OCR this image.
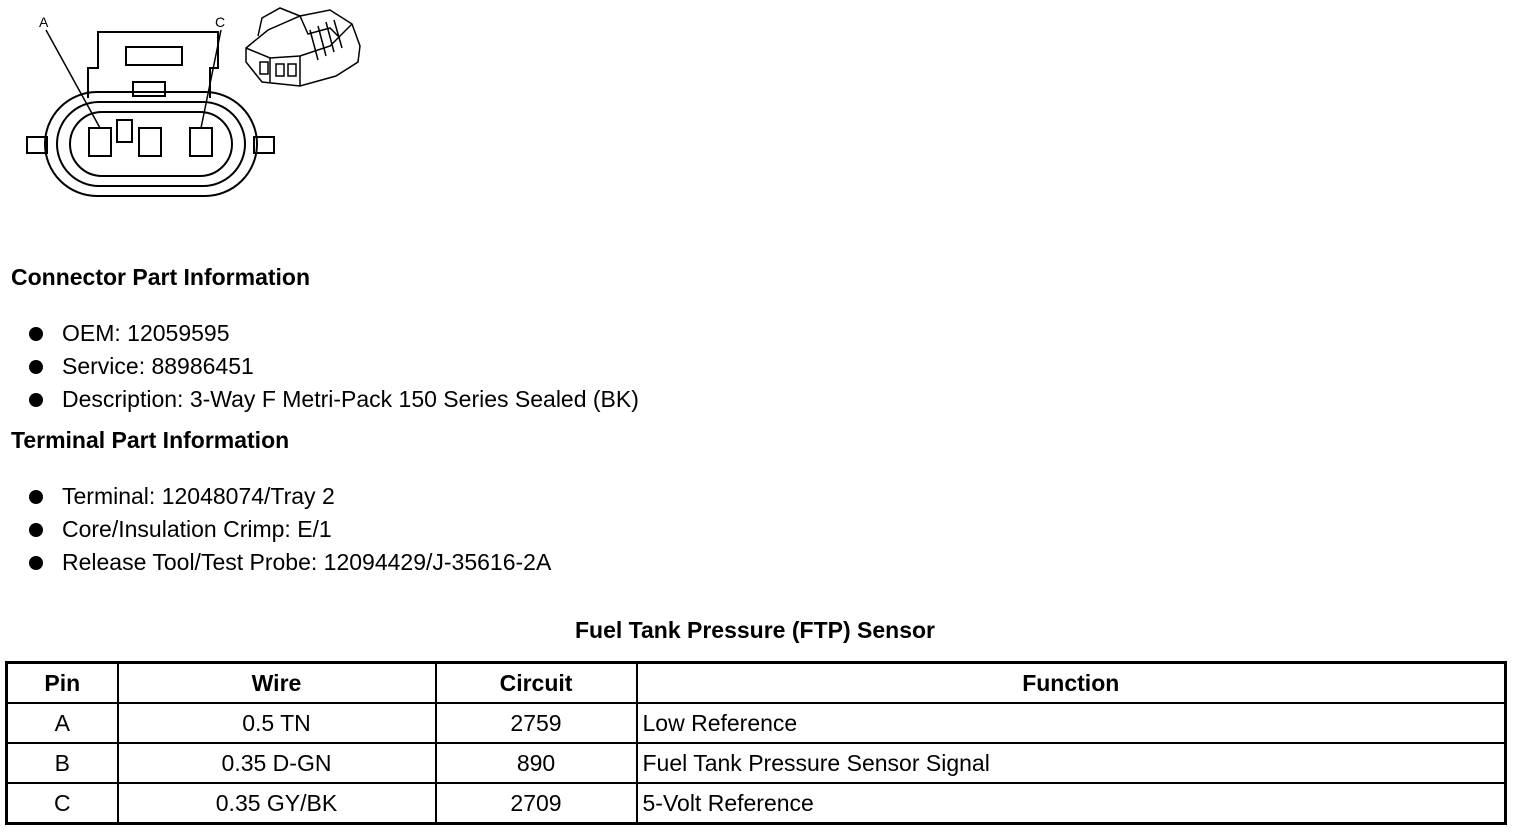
A	C
Connector Part Information
OEM: 12059595
Service: 88986451
Description: 3-Way F Metri-Pack 150 Series Sealed (BK)
Terminal Part Information
Terminal: 12048074/Tray 2
Core/Insulation Crimp: E/1
Release Tool/Test Probe: 12094429/J-35616-2A
Fuel Tank Pressure (FTP) Sensor
Pin	Wire	Circuit	Function
A	0.5 TN	2759	Low Reference
B	0.35 D-GN	890	Fuel Tank Pressure Sensor Signal
C	0.35 GY/BK	2709	5-Volt Reference
